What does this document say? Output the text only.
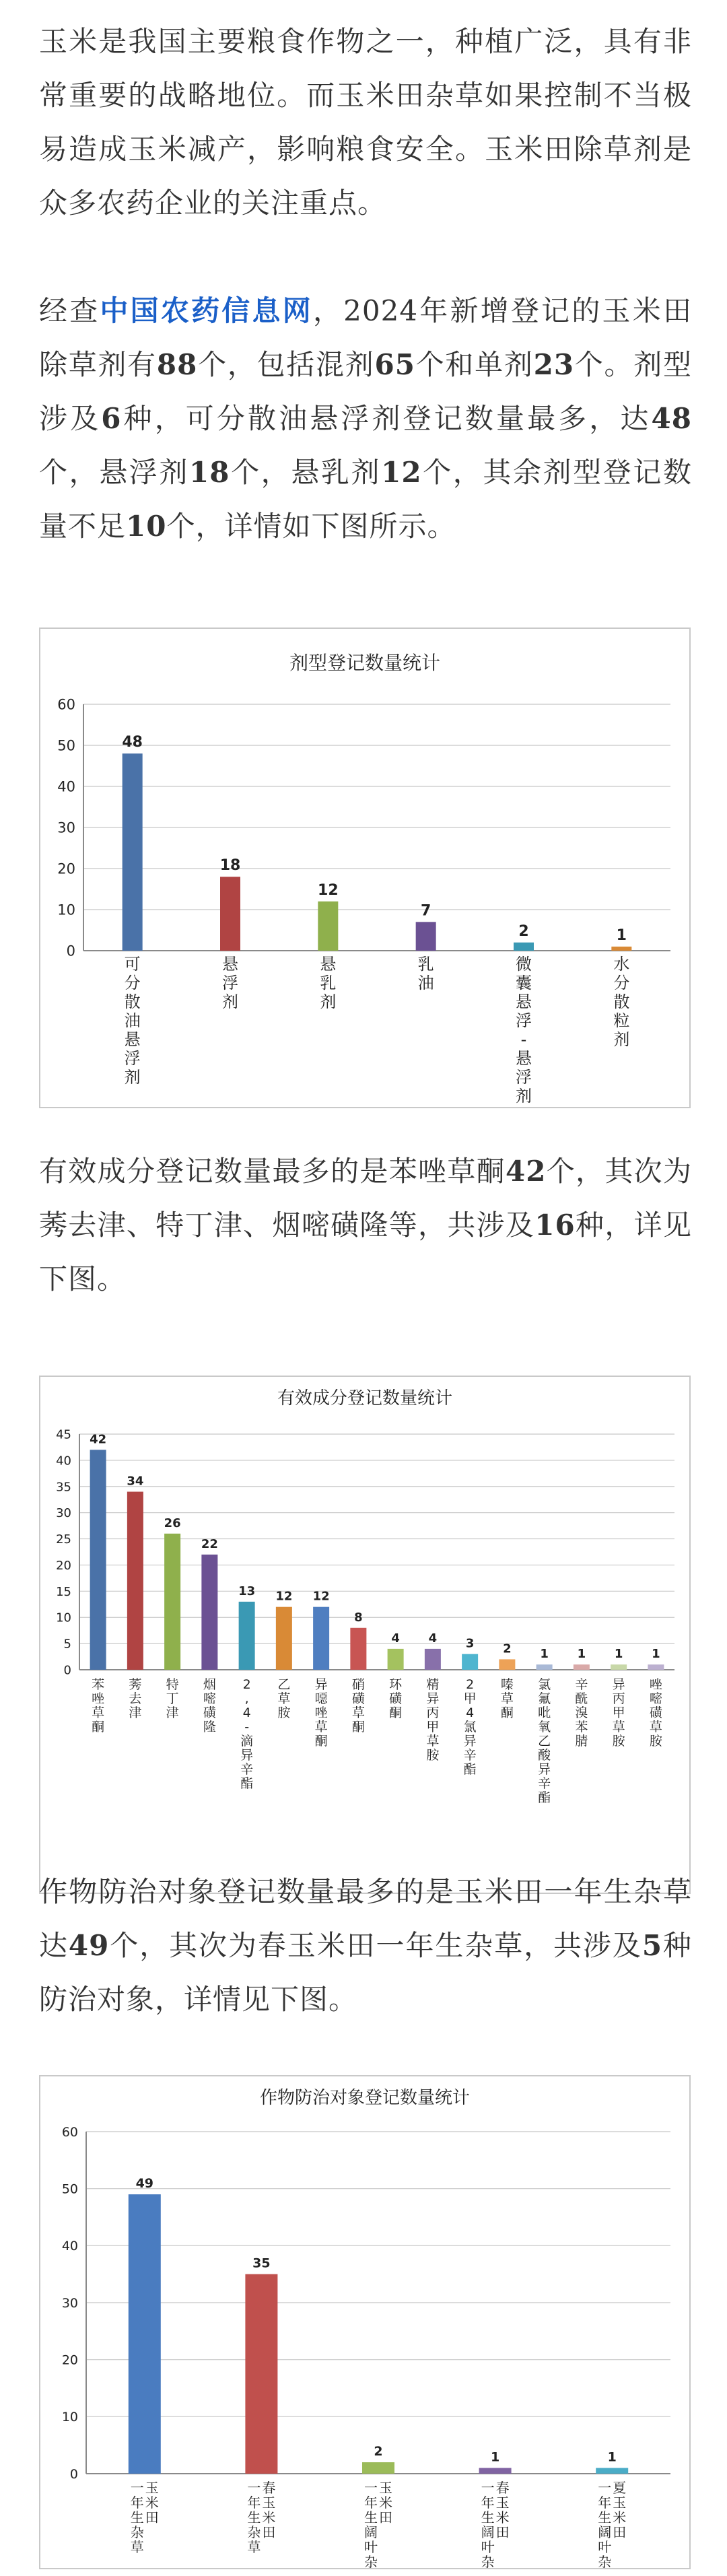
玉米是我国主要粮食作物之一，种植广泛，具有非常重要的战略地位。而玉米田杂草如果控制不当极易造成玉米减产，影响粮食安全。玉米田除草剂是众多农药企业的关注重点。

经查中国农药信息网，2024年新增登记的玉米田除草剂有88个，包括混剂65个和单剂23个。剂型涉及6种，可分散油悬浮剂登记数量最多，达48个，悬浮剂18个，悬乳剂12个，其余剂型登记数量不足10个，详情如下图所示。

剂型登记数量统计
0
10
20
30
40
50
60
48
可分散油悬浮剂
18
悬浮剂
12
悬乳剂
7
乳油
2
微囊悬浮-悬浮剂
1
水分散粒剂

有效成分登记数量最多的是苯唑草酮42个，其次为莠去津、特丁津、烟嘧磺隆等，共涉及16种，详见下图。

有效成分登记数量统计
0
5
10
15
20
25
30
35
40
45 42
苯唑草酮
34
莠去津
26
特丁津
22
烟嘧磺隆
13
2 , 4 -滴异辛酯
12
乙草胺
12
异噁唑草酮
8
硝磺草酮
4
环磺酮
4
精异丙甲草胺
3
2 甲 4 氯异辛酯
2
嗪草酮
1
氯氟吡氧乙酸异辛酯
1
辛酰溴苯腈
1
异丙甲草胺
1
唑嘧磺草胺

作物防治对象登记数量最多的是玉米田一年生杂草达49个，其次为春玉米田一年生杂草，共涉及5种防治对象，详情见下图。

作物防治对象登记数量统计
0
10
20
30
40
50
60
49
玉米田一年生杂草
35
春玉米田一年生杂草
2
玉米田一年生阔叶杂
1
春玉米田一年生阔叶杂
1
夏玉米田一年生阔叶杂
